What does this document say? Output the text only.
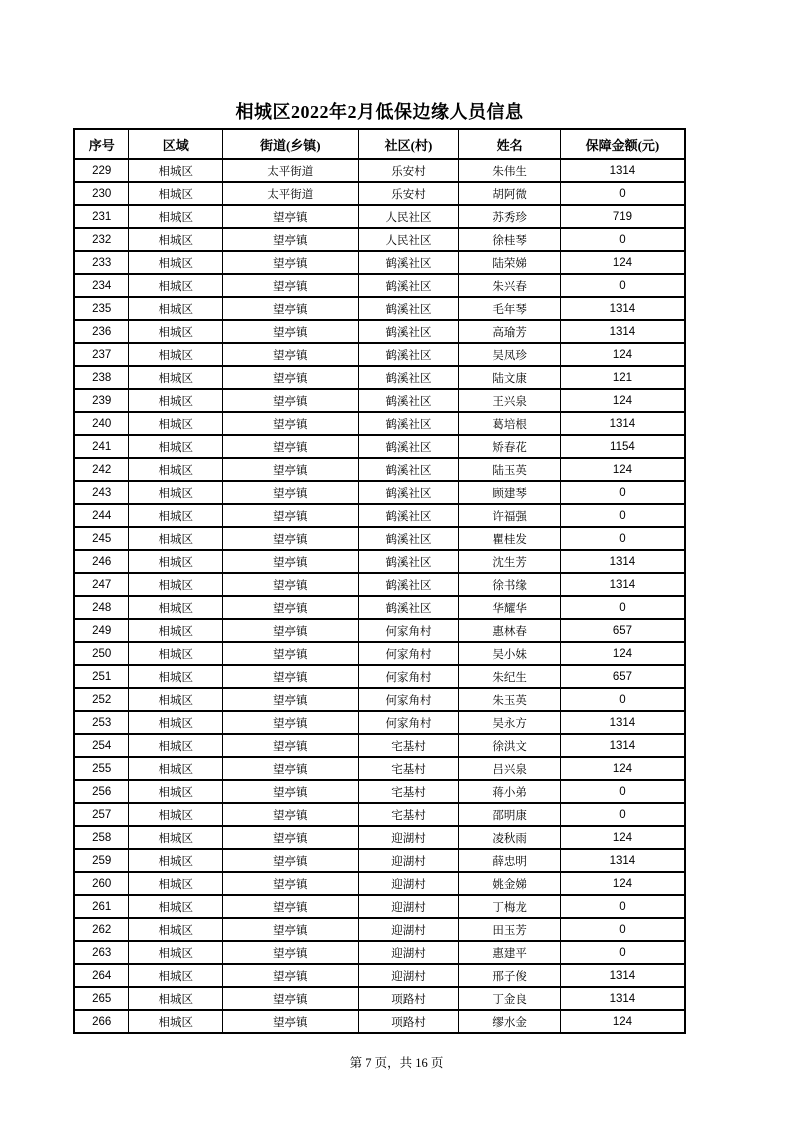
相城区2022年2月低保边缘人员信息
序号	区域	街道(乡镇)	社区(村)	姓名	保障金额(元)
229	相城区	太平街道	乐安村	朱伟生	1314
230	相城区	太平街道	乐安村	胡阿微	0
231	相城区	望亭镇	人民社区	苏秀珍	719
232	相城区	望亭镇	人民社区	徐桂琴	0
233	相城区	望亭镇	鹤溪社区	陆荣娣	124
234	相城区	望亭镇	鹤溪社区	朱兴春	0
235	相城区	望亭镇	鹤溪社区	毛年琴	1314
236	相城区	望亭镇	鹤溪社区	高瑜芳	1314
237	相城区	望亭镇	鹤溪社区	吴凤珍	124
238	相城区	望亭镇	鹤溪社区	陆文康	121
239	相城区	望亭镇	鹤溪社区	王兴泉	124
240	相城区	望亭镇	鹤溪社区	葛培根	1314
241	相城区	望亭镇	鹤溪社区	矫春花	1154
242	相城区	望亭镇	鹤溪社区	陆玉英	124
243	相城区	望亭镇	鹤溪社区	顾建琴	0
244	相城区	望亭镇	鹤溪社区	许福强	0
245	相城区	望亭镇	鹤溪社区	瞿桂发	0
246	相城区	望亭镇	鹤溪社区	沈生芳	1314
247	相城区	望亭镇	鹤溪社区	徐书缘	1314
248	相城区	望亭镇	鹤溪社区	华耀华	0
249	相城区	望亭镇	何家角村	惠林春	657
250	相城区	望亭镇	何家角村	吴小妹	124
251	相城区	望亭镇	何家角村	朱纪生	657
252	相城区	望亭镇	何家角村	朱玉英	0
253	相城区	望亭镇	何家角村	吴永方	1314
254	相城区	望亭镇	宅基村	徐洪文	1314
255	相城区	望亭镇	宅基村	吕兴泉	124
256	相城区	望亭镇	宅基村	蒋小弟	0
257	相城区	望亭镇	宅基村	邵明康	0
258	相城区	望亭镇	迎湖村	凌秋雨	124
259	相城区	望亭镇	迎湖村	薛忠明	1314
260	相城区	望亭镇	迎湖村	姚金娣	124
261	相城区	望亭镇	迎湖村	丁梅龙	0
262	相城区	望亭镇	迎湖村	田玉芳	0
263	相城区	望亭镇	迎湖村	惠建平	0
264	相城区	望亭镇	迎湖村	邢子俊	1314
265	相城区	望亭镇	项路村	丁金良	1314
266	相城区	望亭镇	项路村	缪水金	124
第 7 页，共 16 页
